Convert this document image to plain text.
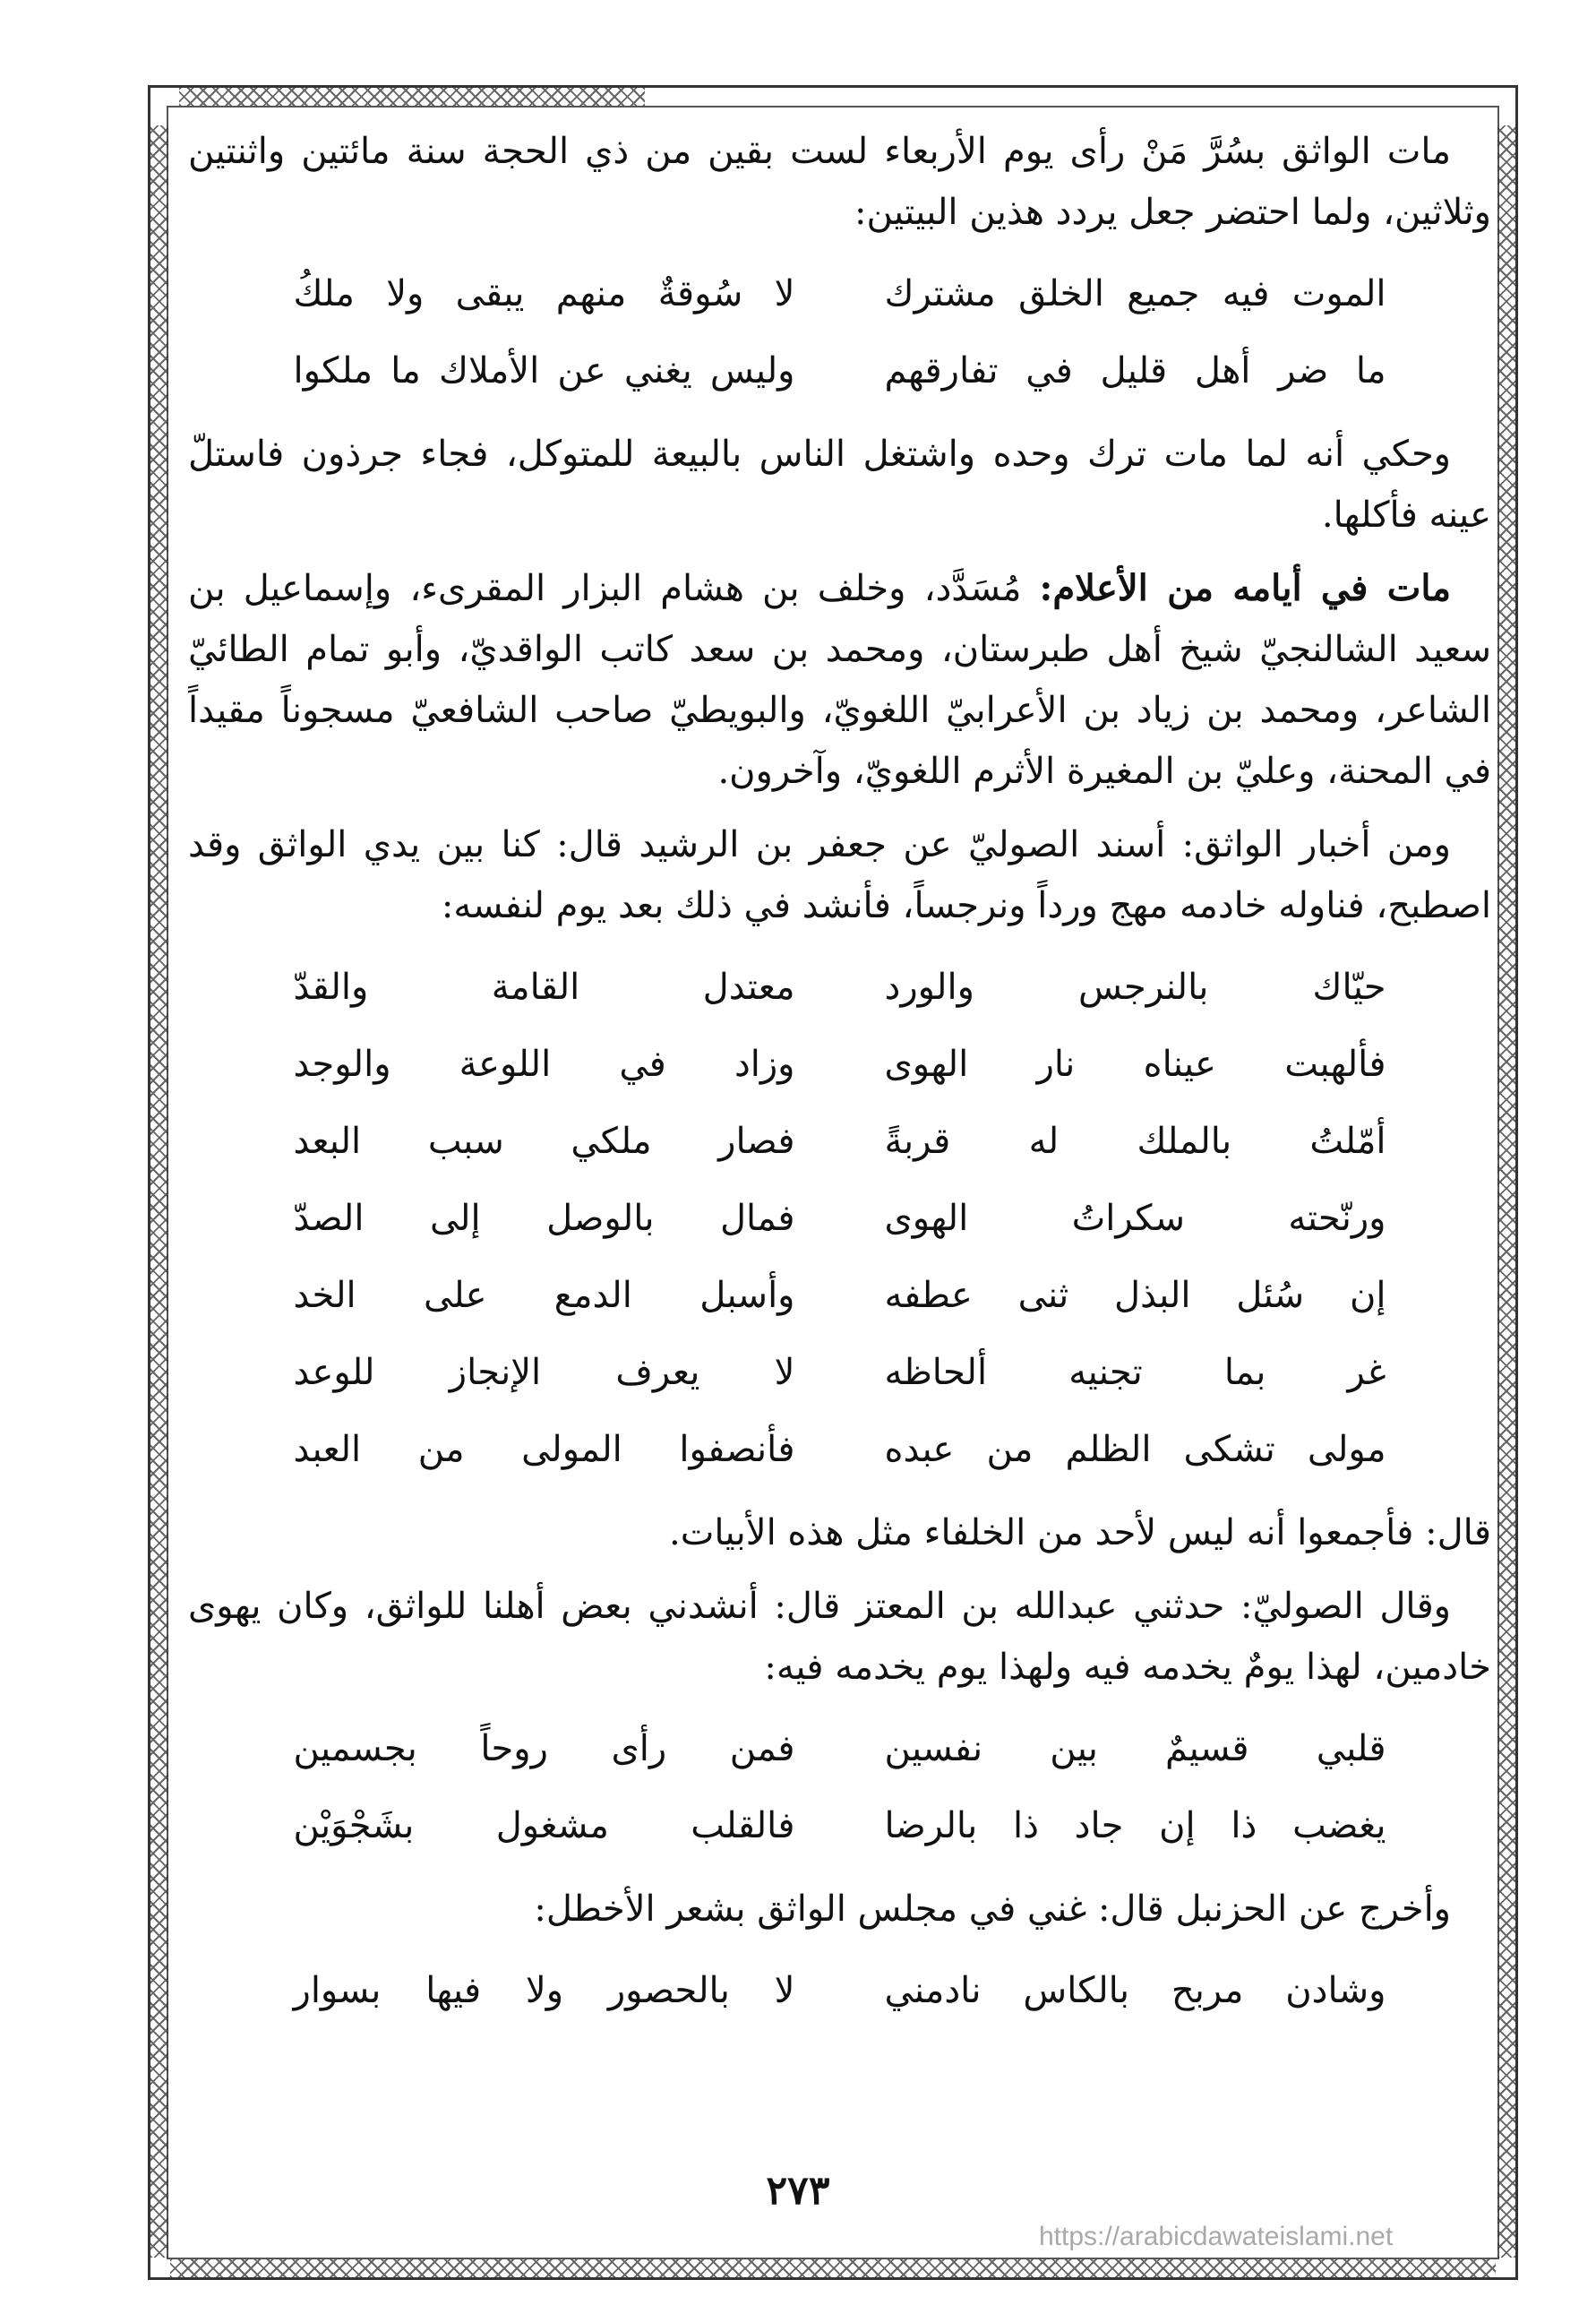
مات الواثق بسُرَّ مَنْ رأى يوم الأربعاء لست بقين من ذي الحجة سنة مائتين واثنتين وثلاثين، ولما احتضر جعل يردد هذين البيتين:

الموت فيه جميع الخلق مشترك
لا سُوقةٌ منهم يبقى ولا ملكُ
ما ضر أهل قليل في تفارقهم
وليس يغني عن الأملاك ما ملكوا

وحكي أنه لما مات ترك وحده واشتغل الناس بالبيعة للمتوكل، فجاء جرذون فاستلّ عينه فأكلها.

مات في أيامه من الأعلام: مُسَدَّد، وخلف بن هشام البزار المقرىء، وإسماعيل بن سعيد الشالنجيّ شيخ أهل طبرستان، ومحمد بن سعد كاتب الواقديّ، وأبو تمام الطائيّ الشاعر، ومحمد بن زياد بن الأعرابيّ اللغويّ، والبويطيّ صاحب الشافعيّ مسجوناً مقيداً في المحنة، وعليّ بن المغيرة الأثرم اللغويّ، وآخرون.

ومن أخبار الواثق: أسند الصوليّ عن جعفر بن الرشيد قال: كنا بين يدي الواثق وقد اصطبح، فناوله خادمه مهج ورداً ونرجساً، فأنشد في ذلك بعد يوم لنفسه:

حيّاك بالنرجس والورد
معتدل القامة والقدّ
فألهبت عيناه نار الهوى
وزاد في اللوعة والوجد
أمّلتُ بالملك له قربةً
فصار ملكي سبب البعد
ورنّحته سكراتُ الهوى
فمال بالوصل إلى الصدّ
إن سُئل البذل ثنى عطفه
وأسبل الدمع على الخد
غر بما تجنيه ألحاظه
لا يعرف الإنجاز للوعد
مولى تشكى الظلم من عبده
فأنصفوا المولى من العبد

قال: فأجمعوا أنه ليس لأحد من الخلفاء مثل هذه الأبيات.

وقال الصوليّ: حدثني عبدالله بن المعتز قال: أنشدني بعض أهلنا للواثق، وكان يهوى خادمين، لهذا يومٌ يخدمه فيه ولهذا يوم يخدمه فيه:

قلبي قسيمٌ بين نفسين
فمن رأى روحاً بجسمين
يغضب ذا إن جاد ذا بالرضا
فالقلب مشغول بشَجْوَيْن

وأخرج عن الحزنبل قال: غني في مجلس الواثق بشعر الأخطل:

وشادن مربح بالكاس نادمني
لا بالحصور ولا فيها بسوار
٢٧٣
https://arabicdawateislami.net
